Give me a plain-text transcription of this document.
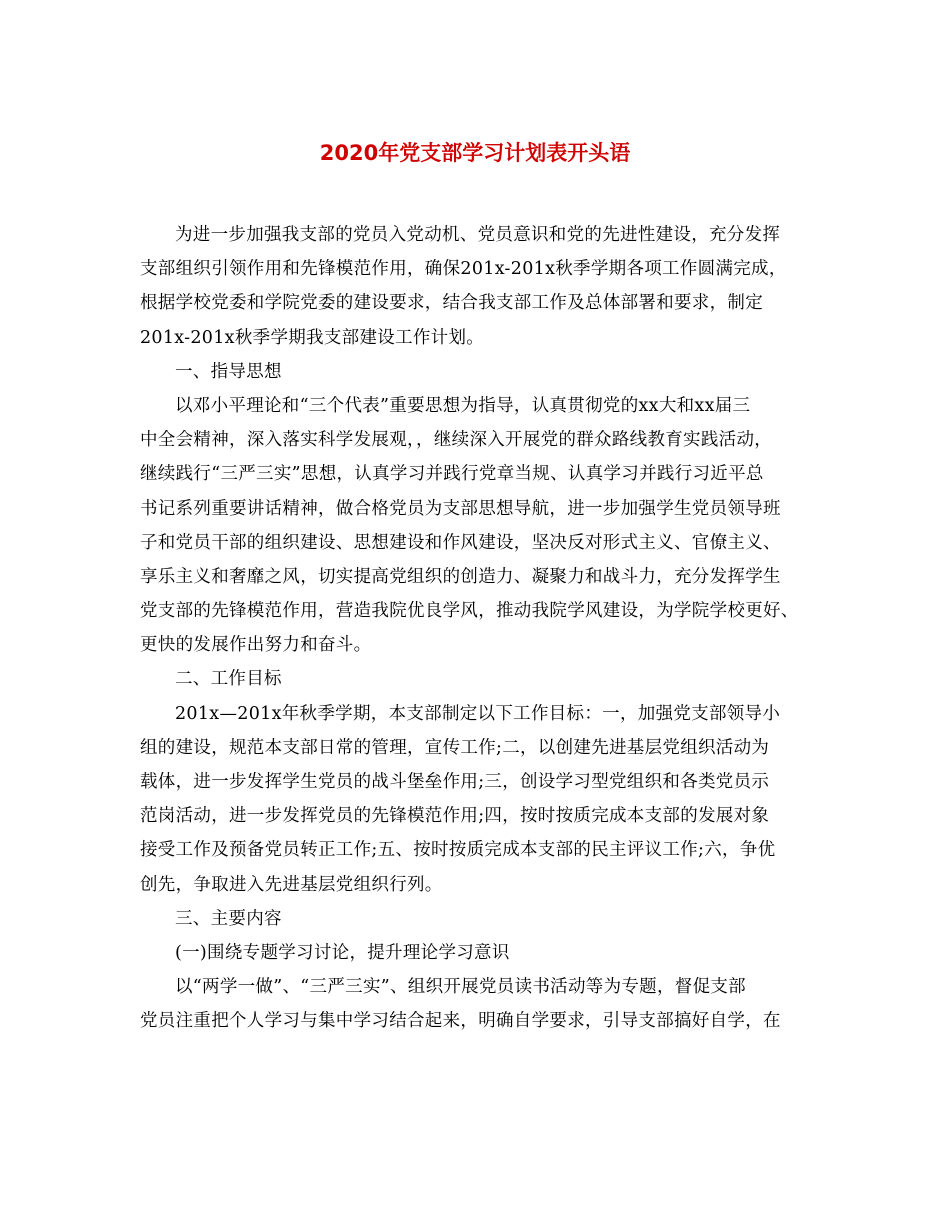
2020年党支部学习计划表开头语
为进一步加强我支部的党员入党动机、党员意识和党的先进性建设，充分发挥
支部组织引领作用和先锋模范作用，确保201x-201x秋季学期各项工作圆满完成，
根据学校党委和学院党委的建设要求，结合我支部工作及总体部署和要求，制定
201x-201x秋季学期我支部建设工作计划。
一、指导思想
以邓小平理论和“三个代表”重要思想为指导，认真贯彻党的xx大和xx届三
中全会精神，深入落实科学发展观，，继续深入开展党的群众路线教育实践活动，
继续践行“三严三实”思想，认真学习并践行党章当规、认真学习并践行习近平总
书记系列重要讲话精神，做合格党员为支部思想导航，进一步加强学生党员领导班
子和党员干部的组织建设、思想建设和作风建设，坚决反对形式主义、官僚主义、
享乐主义和奢靡之风，切实提高党组织的创造力、凝聚力和战斗力，充分发挥学生
党支部的先锋模范作用，营造我院优良学风，推动我院学风建设，为学院学校更好、
更快的发展作出努力和奋斗。
二、工作目标
201x—201x年秋季学期，本支部制定以下工作目标：一，加强党支部领导小
组的建设，规范本支部日常的管理，宣传工作;二，以创建先进基层党组织活动为
载体，进一步发挥学生党员的战斗堡垒作用;三，创设学习型党组织和各类党员示
范岗活动，进一步发挥党员的先锋模范作用;四，按时按质完成本支部的发展对象
接受工作及预备党员转正工作;五、按时按质完成本支部的民主评议工作;六，争优
创先，争取进入先进基层党组织行列。
三、主要内容
(一)围绕专题学习讨论，提升理论学习意识
以“两学一做”、“三严三实”、组织开展党员读书活动等为专题，督促支部
党员注重把个人学习与集中学习结合起来，明确自学要求，引导支部搞好自学，在
